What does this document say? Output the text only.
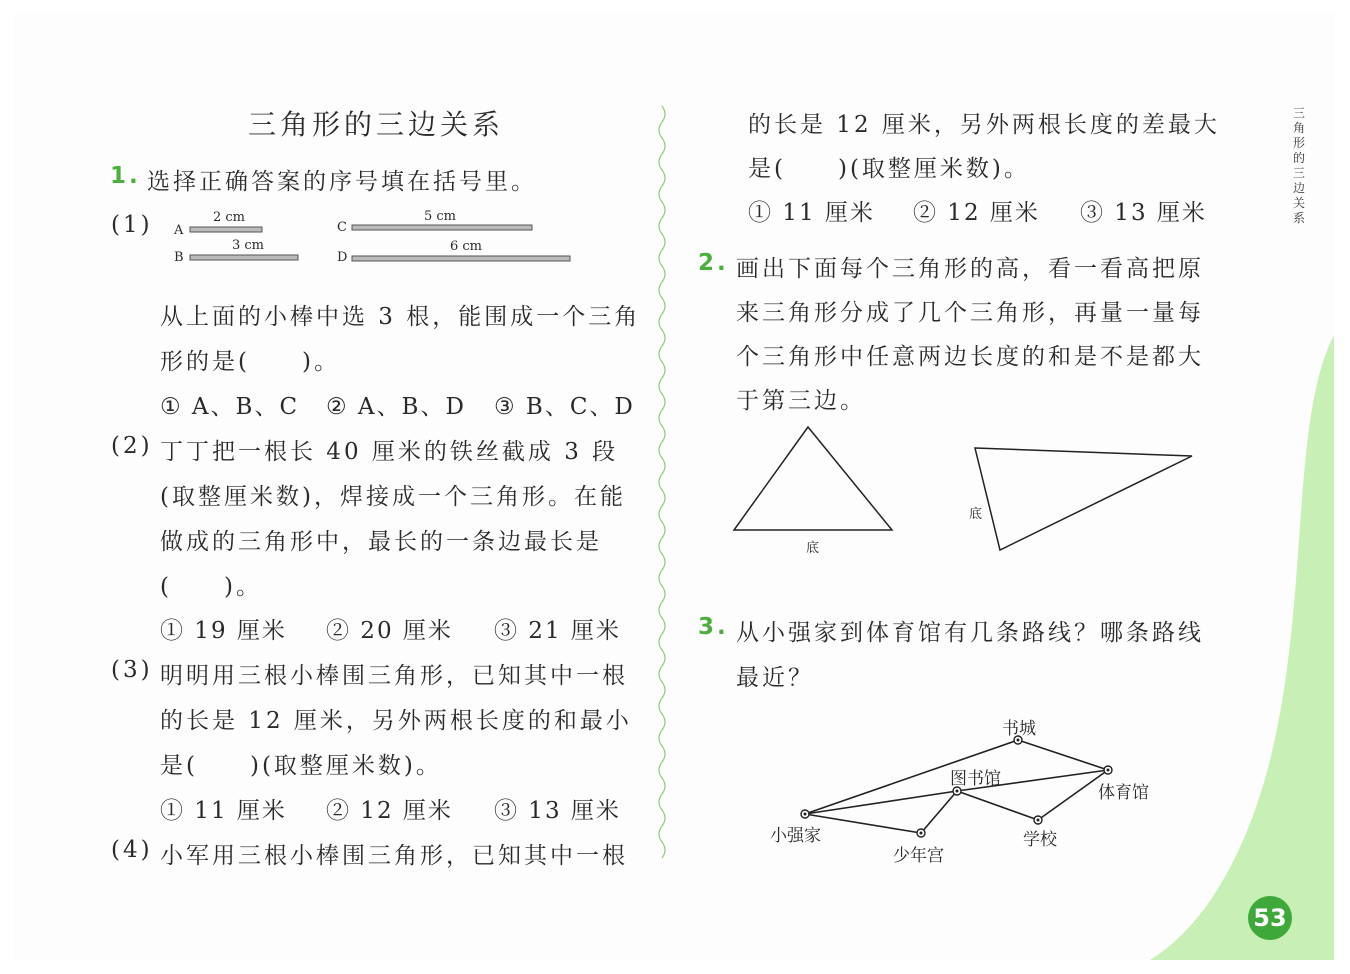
三角形的三边关系
53
三角形的三边关系
1. 选择正确答案的序号填在括号里。
(1) A
2 cm
B
3 cm
C
5 cm
D
6 cm
从上面的小棒中选 3 根，能围成一个三角
形的是(　　)。
① A、B、C ② A、B、D ③ B、C、D
(2) 丁丁把一根长 40 厘米的铁丝截成 3 段
(取整厘米数)，焊接成一个三角形。在能
做成的三角形中，最长的一条边最长是
(　　)。
① 19 厘米 ② 20 厘米 ③ 21 厘米
(3) 明明用三根小棒围三角形，已知其中一根
的长是 12 厘米，另外两根长度的和最小
是(　　)(取整厘米数)。
① 11 厘米 ② 12 厘米 ③ 13 厘米
(4) 小军用三根小棒围三角形，已知其中一根
的长是 12 厘米，另外两根长度的差最大
是(　　)(取整厘米数)。
① 11 厘米 ② 12 厘米 ③ 13 厘米
2. 画出下面每个三角形的高，看一看高把原
来三角形分成了几个三角形，再量一量每
个三角形中任意两边长度的和是不是都大
于第三边。
底
底
3. 从小强家到体育馆有几条路线？哪条路线
最近？
书城
图书馆
体育馆
小强家
少年宫
学校
